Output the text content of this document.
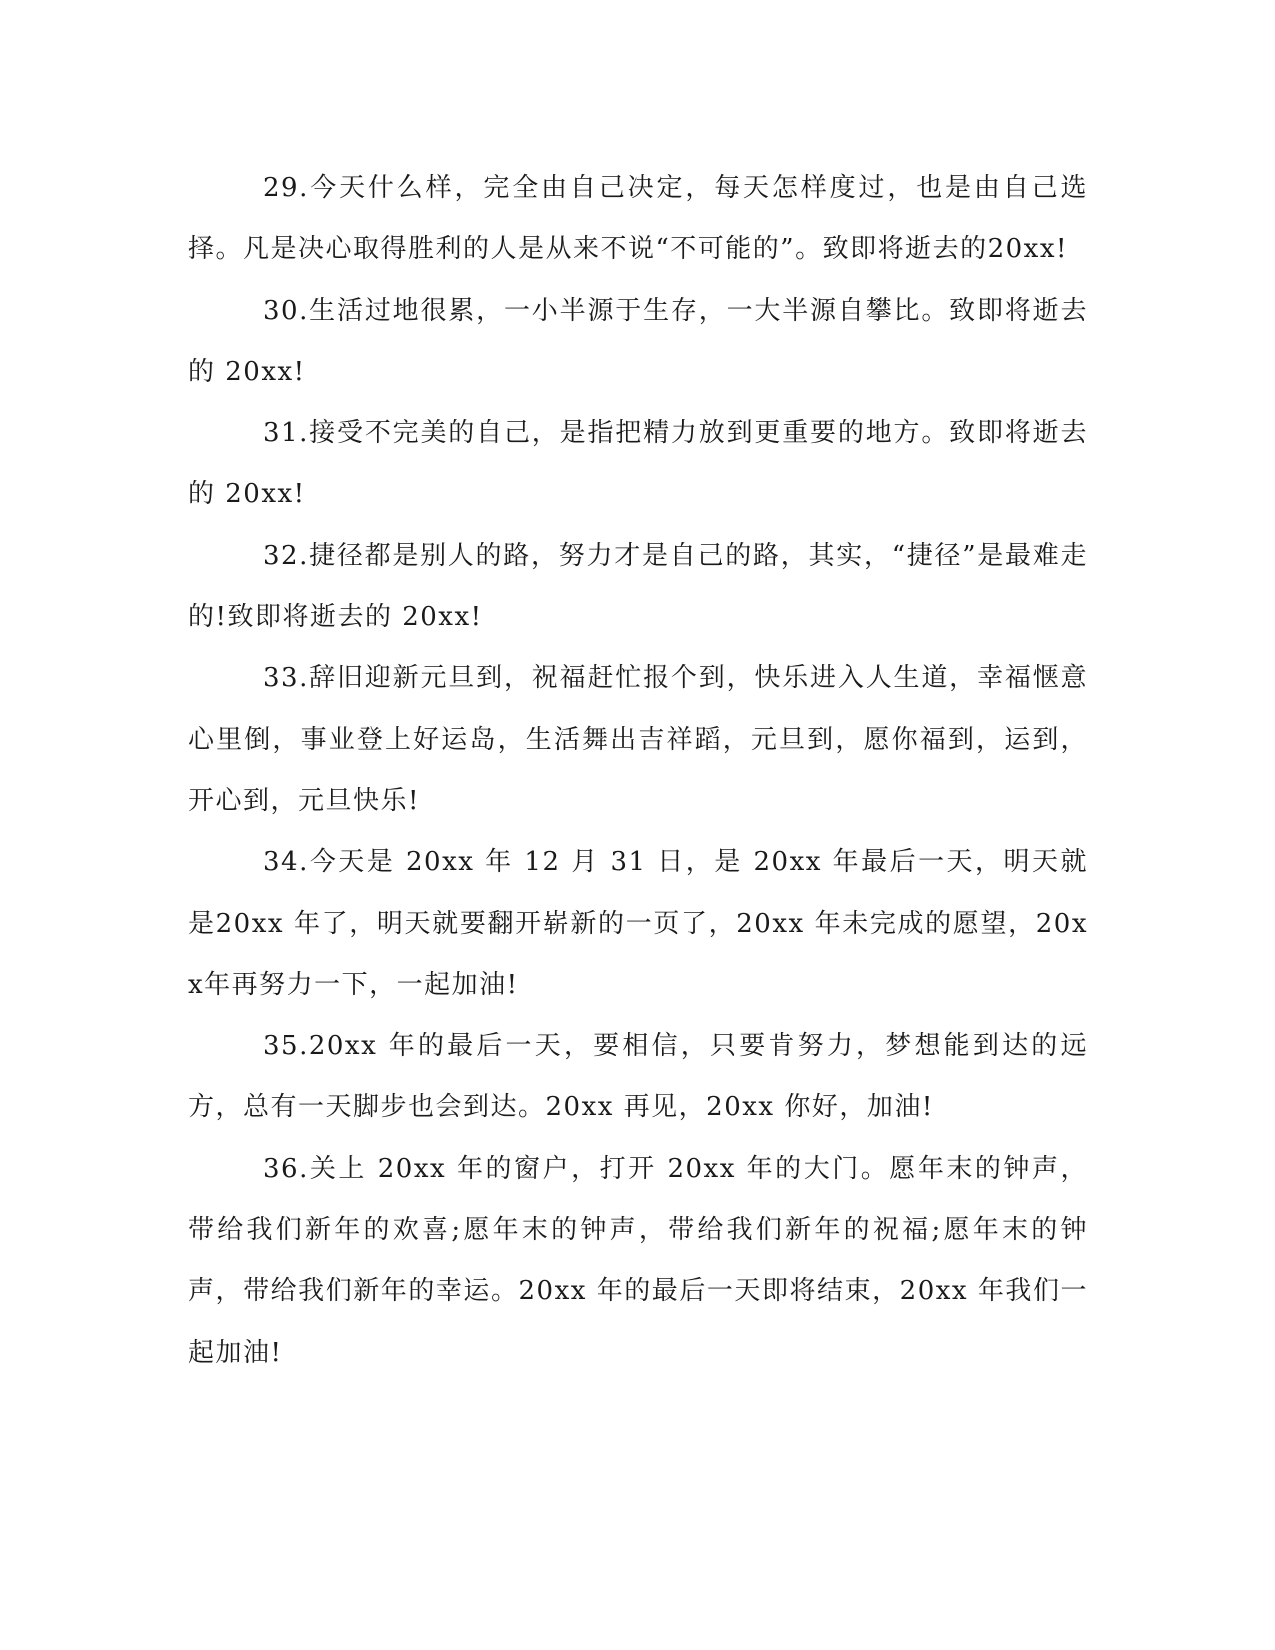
29.今天什么样，完全由自己决定，每天怎样度过，也是由自己选择。凡是决心取得胜利的人是从来不说“不可能的”。致即将逝去的20xx!

30.生活过地很累，一小半源于生存，一大半源自攀比。致即将逝去的 20xx!

31.接受不完美的自己，是指把精力放到更重要的地方。致即将逝去的 20xx!

32.捷径都是别人的路，努力才是自己的路，其实，“捷径”是最难走的!致即将逝去的 20xx!

33.辞旧迎新元旦到，祝福赶忙报个到，快乐进入人生道，幸福惬意心里倒，事业登上好运岛，生活舞出吉祥蹈，元旦到，愿你福到，运到，开心到，元旦快乐!

34.今天是 20xx 年 12 月 31 日，是 20xx 年最后一天，明天就是20xx 年了，明天就要翻开崭新的一页了，20xx 年未完成的愿望，20xx年再努力一下，一起加油!

35.20xx 年的最后一天，要相信，只要肯努力，梦想能到达的远方，总有一天脚步也会到达。20xx 再见，20xx 你好，加油!

36.关上 20xx 年的窗户，打开 20xx 年的大门。愿年末的钟声，带给我们新年的欢喜;愿年末的钟声，带给我们新年的祝福;愿年末的钟声，带给我们新年的幸运。20xx 年的最后一天即将结束，20xx 年我们一起加油!
